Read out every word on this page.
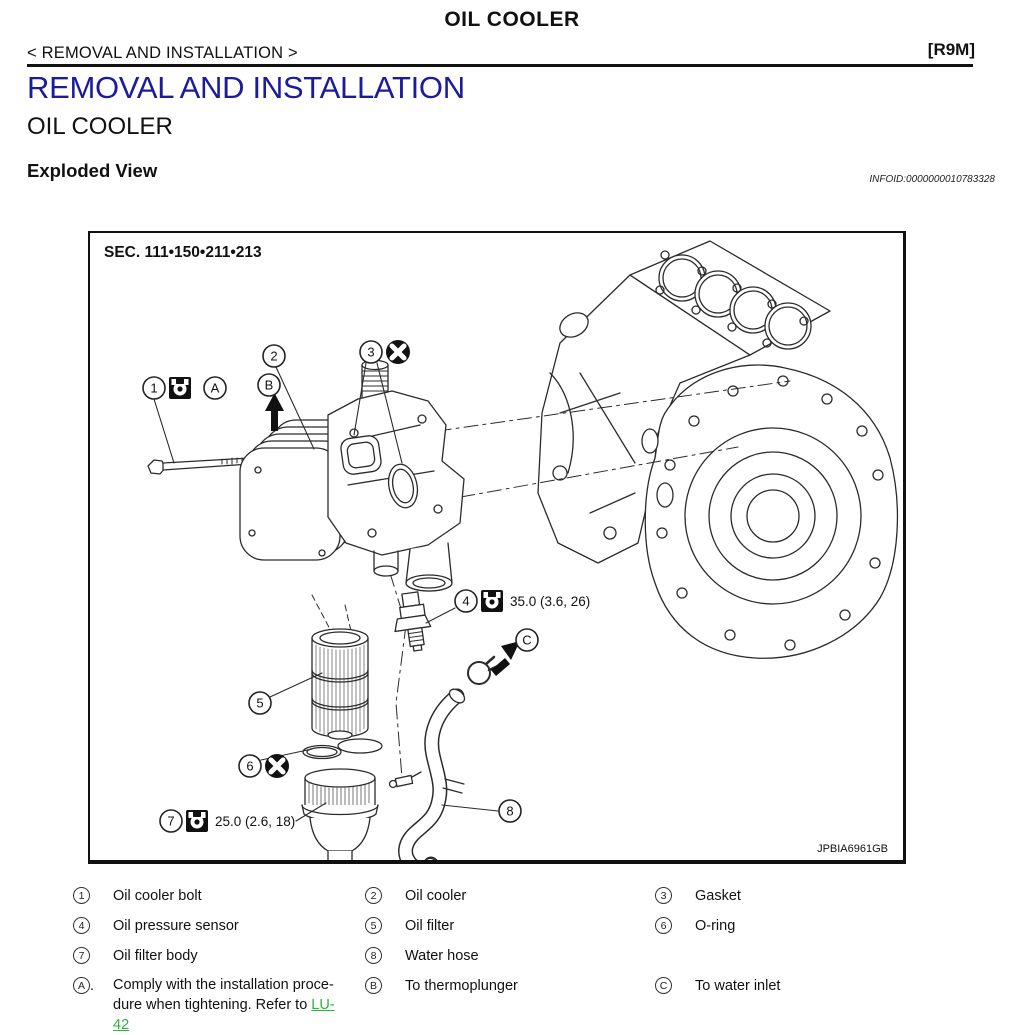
OIL COOLER
< REMOVAL AND INSTALLATION >	[R9M]
REMOVAL AND INSTALLATION
OIL COOLER
Exploded View	INFOID:0000000010783328
1	A
2
B
3
4	35.0 (3.6, 26)
5
6
7	25.0 (2.6, 18)
8
C
SEC. 111•150•211•213
JPBIA6961GB
1	Oil cooler bolt	2	Oil cooler	3	Gasket
4	Oil pressure sensor	5	Oil filter	6	O-ring
7	Oil filter body	8	Water hose
A . Comply with the installation proce-
dure when tightening. Refer to LU-
42
B	To thermoplunger	C	To water inlet
